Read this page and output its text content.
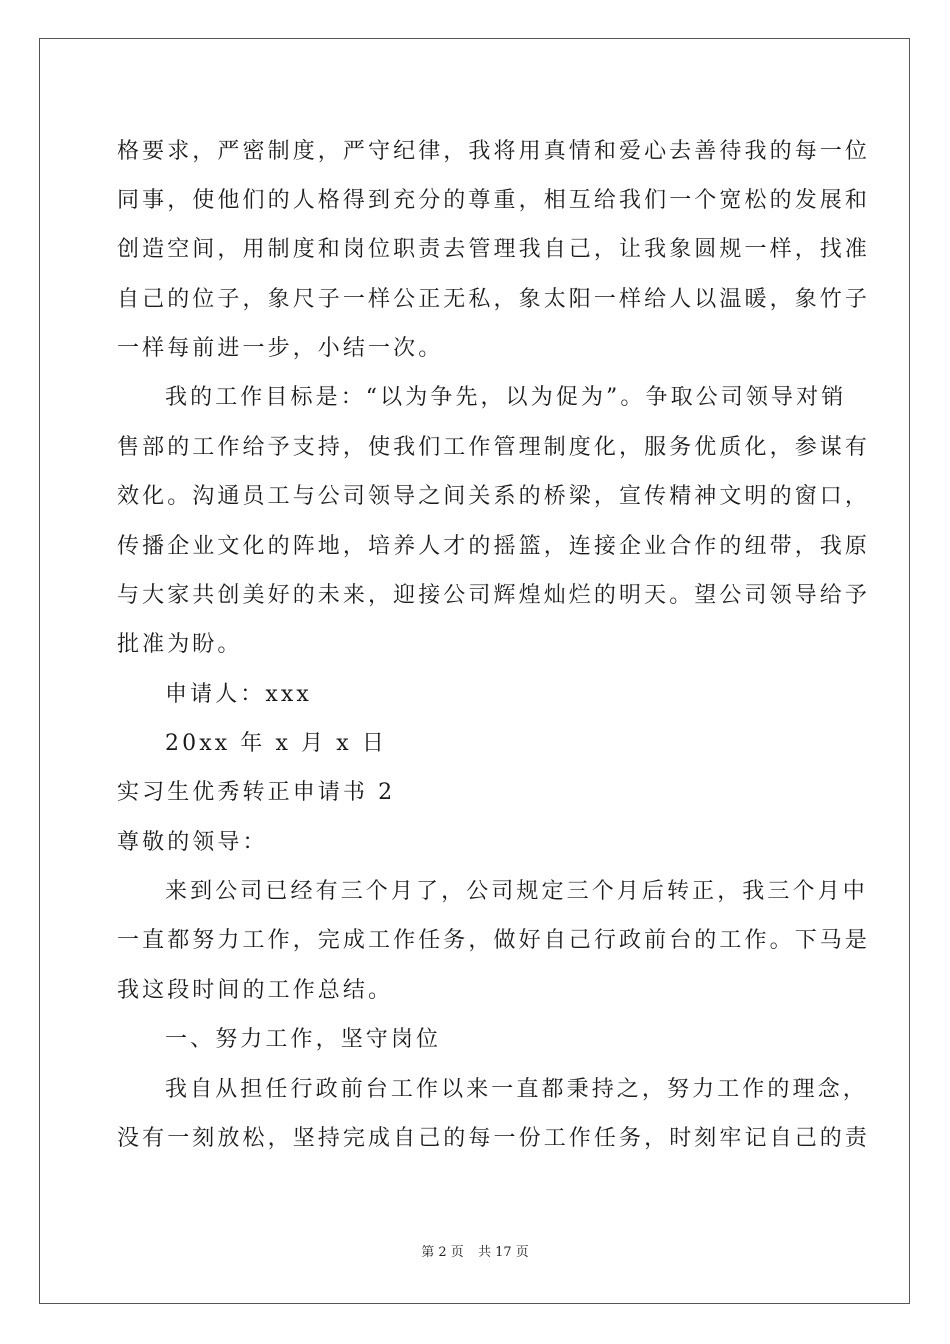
格要求，严密制度，严守纪律，我将用真情和爱心去善待我的每一位
同事，使他们的人格得到充分的尊重，相互给我们一个宽松的发展和
创造空间，用制度和岗位职责去管理我自己，让我象圆规一样，找准
自己的位子，象尺子一样公正无私，象太阳一样给人以温暖，象竹子
一样每前进一步，小结一次。
我的工作目标是：“以为争先，以为促为”。争取公司领导对销
售部的工作给予支持，使我们工作管理制度化，服务优质化，参谋有
效化。沟通员工与公司领导之间关系的桥梁，宣传精神文明的窗口，
传播企业文化的阵地，培养人才的摇篮，连接企业合作的纽带，我原
与大家共创美好的未来，迎接公司辉煌灿烂的明天。望公司领导给予
批准为盼。
申请人：xxx
20xx 年 x 月 x 日
实习生优秀转正申请书 2
尊敬的领导：
来到公司已经有三个月了，公司规定三个月后转正，我三个月中
一直都努力工作，完成工作任务，做好自己行政前台的工作。下马是
我这段时间的工作总结。
一、努力工作，坚守岗位
我自从担任行政前台工作以来一直都秉持之，努力工作的理念，
没有一刻放松，坚持完成自己的每一份工作任务，时刻牢记自己的责
第 2 页 共 17 页
